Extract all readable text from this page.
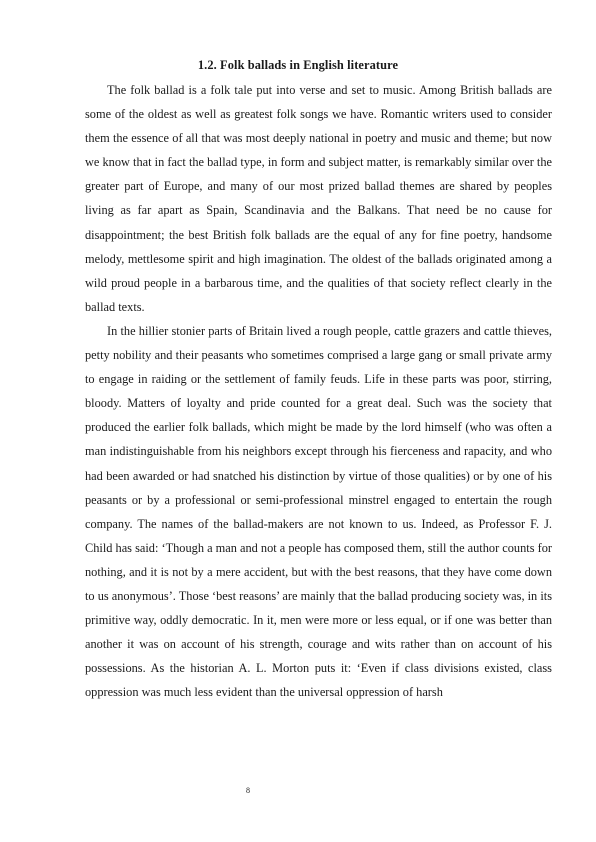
1.2. Folk ballads in English literature

The folk ballad is a folk tale put into verse and set to music. Among British ballads are some of the oldest as well as greatest folk songs we have. Romantic writers used to consider them the essence of all that was most deeply national in poetry and music and theme; but now we know that in fact the ballad type, in form and subject matter, is remarkably similar over the greater part of Europe, and many of our most prized ballad themes are shared by peoples living as far apart as Spain, Scandinavia and the Balkans. That need be no cause for disappointment; the best British folk ballads are the equal of any for fine poetry, handsome melody, mettlesome spirit and high imagination. The oldest of the ballads originated among a wild proud people in a barbarous time, and the qualities of that society reflect clearly in the ballad texts.

In the hillier stonier parts of Britain lived a rough people, cattle grazers and cattle thieves, petty nobility and their peasants who sometimes comprised a large gang or small private army to engage in raiding or the settlement of family feuds. Life in these parts was poor, stirring, bloody. Matters of loyalty and pride counted for a great deal. Such was the society that produced the earlier folk ballads, which might be made by the lord himself (who was often a man indistinguishable from his neighbors except through his fierceness and rapacity, and who had been awarded or had snatched his distinction by virtue of those qualities) or by one of his peasants or by a professional or semi-professional minstrel engaged to entertain the rough company. The names of the ballad-makers are not known to us. Indeed, as Professor F. J. Child has said: ‘Though a man and not a people has composed them, still the author counts for nothing, and it is not by a mere accident, but with the best reasons, that they have come down to us anonymous’. Those ‘best reasons’ are mainly that the ballad producing society was, in its primitive way, oddly democratic. In it, men were more or less equal, or if one was better than another it was on account of his strength, courage and wits rather than on account of his possessions. As the historian A. L. Morton puts it: ‘Even if class divisions existed, class oppression was much less evident than the universal oppression of harsh

8
